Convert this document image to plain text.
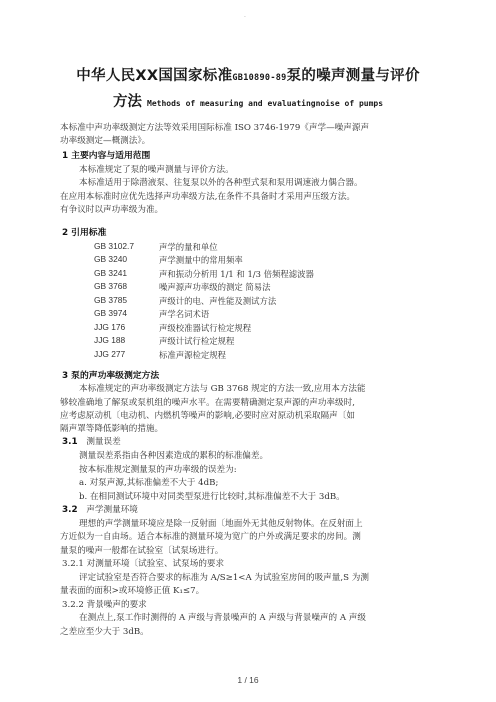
·
中华人民XX国国家标准GB10890-89泵的噪声测量与评价
方法 Methods of measuring and evaluatingnoise of pumps
本标准中声功率级测定方法等效采用国际标准 ISO 3746-1979《声学—噪声源声
功率级测定—概测法》。
1 主要内容与适用范围
本标准规定了泵的噪声测量与评价方法。
本标准适用于除潜液泵、往复泵以外的各种型式泵和泵用调速液力偶合器。
在应用本标准时应优先选择声功率级方法,在条件不具备时才采用声压级方法。
有争议时以声功率级为准。
2 引用标准
GB 3102.7	声学的量和单位
GB 3240	声学测量中的常用频率
GB 3241	声和振动分析用 1/1 和 1/3 倍频程滤波器
GB 3768	噪声源声功率级的测定 简易法
GB 3785	声级计的电、声性能及测试方法
GB 3974	声学名词术语
JJG 176	声级校准器试行检定规程
JJG 188	声级计试行检定规程
JJG 277	标准声源检定规程
3 泵的声功率级测定方法
本标准规定的声功率级测定方法与 GB 3768 规定的方法一致,应用本方法能
够较准确地了解泵或泵机组的噪声水平。在需要精确测定泵声源的声功率级时,
应考虑原动机〔电动机、内燃机等噪声的影响,必要时应对原动机采取隔声〔如
隔声罩等降低影响的措施。
3.1 测量误差
测量误差系指由各种因素造成的累积的标准偏差。
按本标准规定测量泵的声功率级的误差为:
a. 对泵声源,其标准偏差不大于 4dB;
b. 在相同测试环境中对同类型泵进行比较时,其标准偏差不大于 3dB。
3.2 声学测量环境
理想的声学测量环境应是除一反射面〔地面外无其他反射物体。在反射面上
方近似为一自由场。适合本标准的测量环境为宽广的户外或满足要求的房间。测
量泵的噪声一般都在试验室〔试泵场进行。
3.2.1 对测量环境〔试验室、试泵场的要求
评定试验室是否符合要求的标准为 A/S≥1<A 为试验室房间的吸声量,S 为测
量表面的面积>或环境修正值 K₁≤7。
3.2.2 背景噪声的要求
在测点上,泵工作时测得的 A 声级与背景噪声的 A 声级与背景噪声的 A 声级
之差应至少大于 3dB。
1 / 16
